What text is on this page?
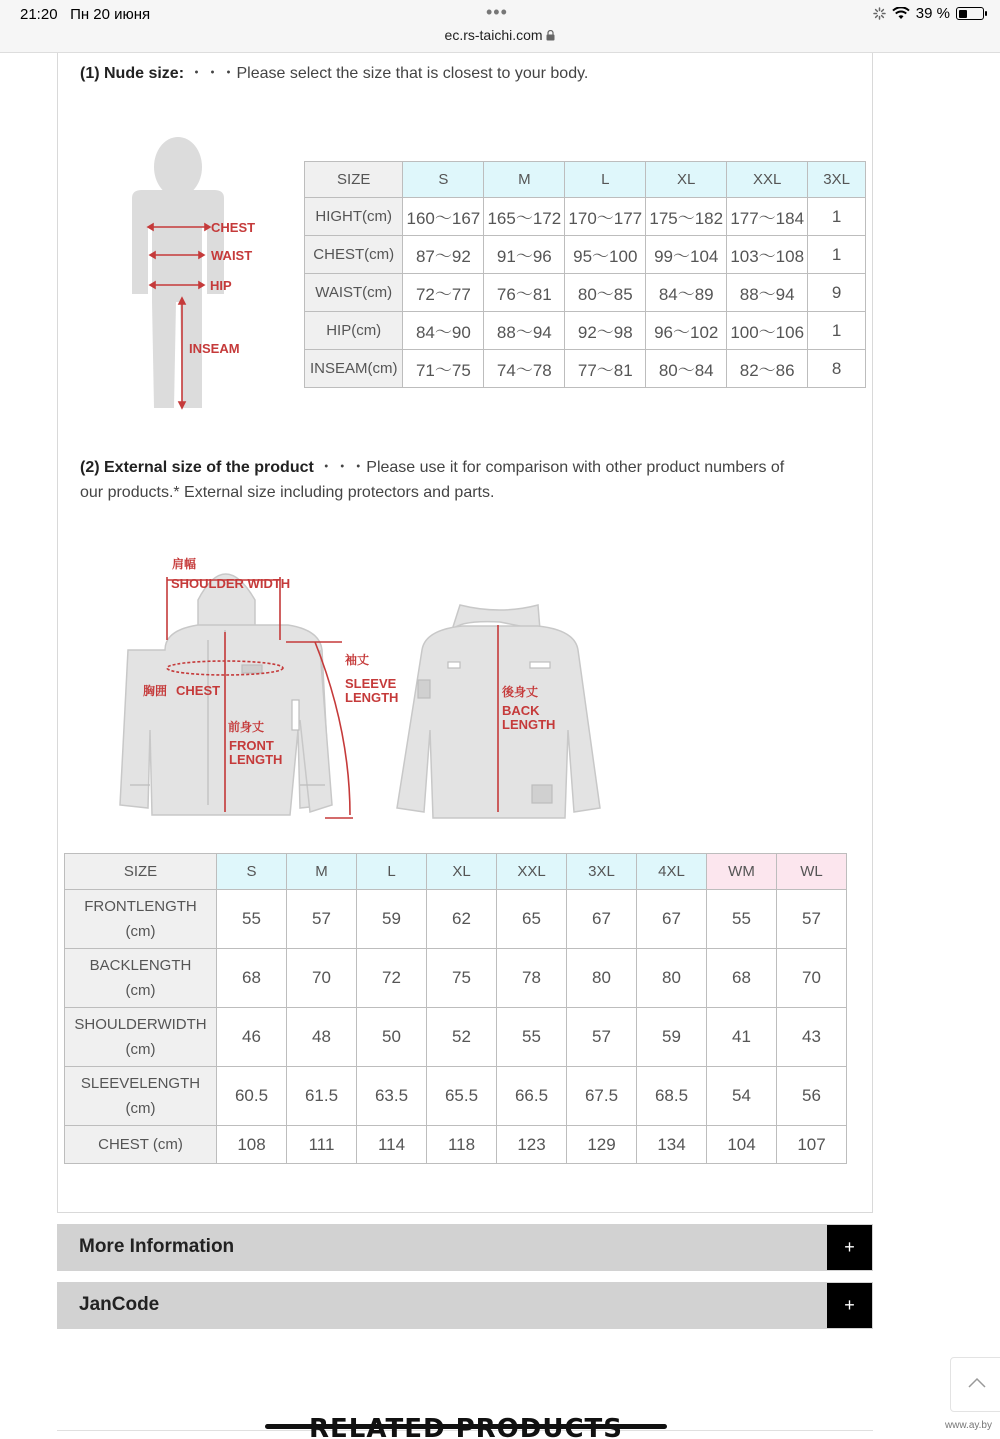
21:20 Пн 20 июня	•••
ec.rs-taichi.com
39 %
(1) Nude size: ・・・Please select the size that is closest to your body.
CHEST
WAIST
HIP
INSEAM
SIZE	S	M	L	XL	XXL	3XL
HIGHT(cm)	160～167	165～172	170～177	175～182	177～184	1
CHEST(cm)	87～92	91～96	95～100	99～104	103～108	1
WAIST(cm)	72～77	76～81	80～85	84～89	88～94	9
HIP(cm)	84～90	88～94	92～98	96～102	100～106	1
INSEAM(cm)	71～75	74～78	77～81	80～84	82～86	8
(2) External size of the product ・・・Please use it for comparison with other product numbers of
our products.* External size including protectors and parts.
肩幅
SHOULDER WIDTH
袖丈
SLEEVE
LENGTH
胸囲 CHEST
前身丈
FRONT
LENGTH
後身丈
BACK
LENGTH
SIZE	S	M	L	XL	XXL	3XL	4XL	WM	WL
FRONTLENGTH
(cm)	55	57	59	62	65	67	67	55	57
BACKLENGTH
(cm)	68	70	72	75	78	80	80	68	70
SHOULDERWIDTH
(cm)	46	48	50	52	55	57	59	41	43
SLEEVELENGTH
(cm)	60.5	61.5	63.5	65.5	66.5	67.5	68.5	54	56
CHEST (cm)	108	111	114	118	123	129	134	104	107
More Information	+
JanCode	+
RELATED PRODUCTS	www.ay.by
